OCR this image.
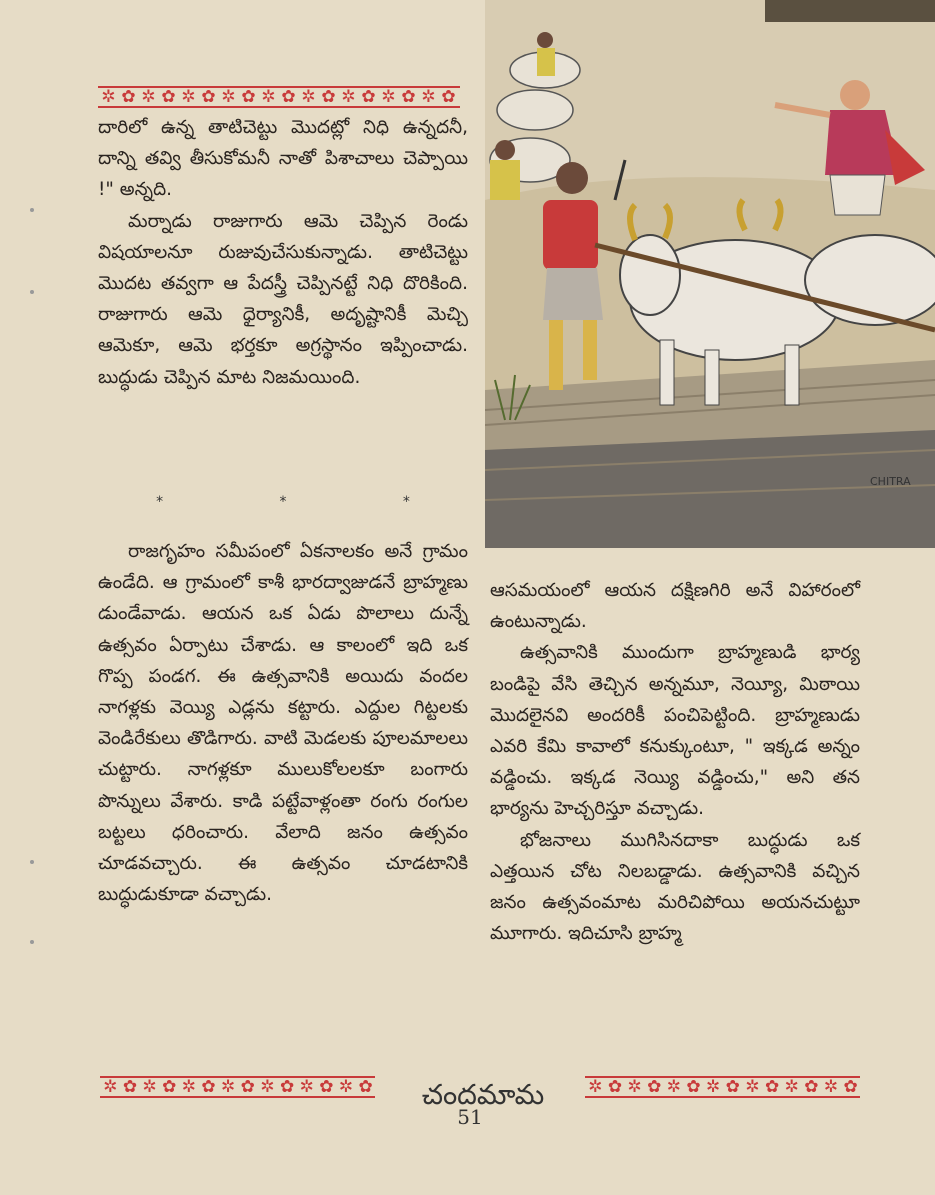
✲ ✿ ✲ ✿ ✲ ✿ ✲ ✿ ✲ ✿ ✲ ✿ ✲ ✿ ✲ ✿ ✲ ✿

దారిలో ఉన్న తాటిచెట్టు మొదట్లో నిధి ఉన్నదనీ, దాన్ని తవ్వి తీసుకోమనీ నాతో పిశాచాలు చెప్పాయి !" అన్నది.

మర్నాడు రాజుగారు ఆమె చెప్పిన రెండు విషయాలనూ రుజువుచేసుకున్నాడు. తాటిచెట్టు మొదట తవ్వగా ఆ పేదస్త్రీ చెప్పినట్టే నిధి దొరికింది. రాజుగారు ఆమె ధైర్యానికీ, అదృష్టానికీ మెచ్చి ఆమెకూ, ఆమె భర్తకూ అగ్రస్థానం ఇప్పించాడు. బుద్ధుడు చెప్పిన మాట నిజమయింది.

*	*	*

రాజగృహం సమీపంలో ఏకనాలకం అనే గ్రామం ఉండేది. ఆ గ్రామంలో కాశీ భారద్వాజుడనే బ్రాహ్మణు డుండేవాడు. ఆయన ఒక ఏడు పొలాలు దున్నే ఉత్సవం ఏర్పాటు చేశాడు. ఆ కాలంలో ఇది ఒక గొప్ప పండగ. ఈ ఉత్సవానికి అయిదు వందల నాగళ్లకు వెయ్యి ఎడ్లను కట్టారు. ఎద్దుల గిట్టలకు వెండిరేకులు తొడిగారు. వాటి మెడలకు పూలమాలలు చుట్టారు. నాగళ్లకూ ములుకోలలకూ బంగారు పొన్నులు వేశారు. కాడి పట్టేవాళ్లంతా రంగు రంగుల బట్టలు ధరించారు. వేలాది జనం ఉత్సవం చూడవచ్చారు. ఈ ఉత్సవం చూడటానికి బుద్ధుడుకూడా వచ్చాడు.

CHITRA

ఆసమయంలో ఆయన దక్షిణగిరి అనే విహారంలో ఉంటున్నాడు.

ఉత్సవానికి ముందుగా బ్రాహ్మణుడి భార్య బండిపై వేసి తెచ్చిన అన్నమూ, నెయ్యీ, మిఠాయి మొదలైనవి అందరికీ పంచిపెట్టింది. బ్రాహ్మణుడు ఎవరి కేమి కావాలో కనుక్కుంటూ, " ఇక్కడ అన్నం వడ్డించు. ఇక్కడ నెయ్యి వడ్డించు," అని తన భార్యను హెచ్చరిస్తూ వచ్చాడు.

భోజనాలు ముగిసినదాకా బుద్ధుడు ఒక ఎత్తయిన చోట నిలబడ్డాడు. ఉత్సవానికి వచ్చిన జనం ఉత్సవంమాట మరిచిపోయి అయనచుట్టూ మూగారు. ఇదిచూసి బ్రాహ్మ

✲ ✿ ✲ ✿ ✲ ✿ ✲ ✿ ✲ ✿ ✲ ✿ ✲ ✿	చందమామ	✲ ✿ ✲ ✿ ✲ ✿ ✲ ✿ ✲ ✿ ✲ ✿ ✲ ✿
51
